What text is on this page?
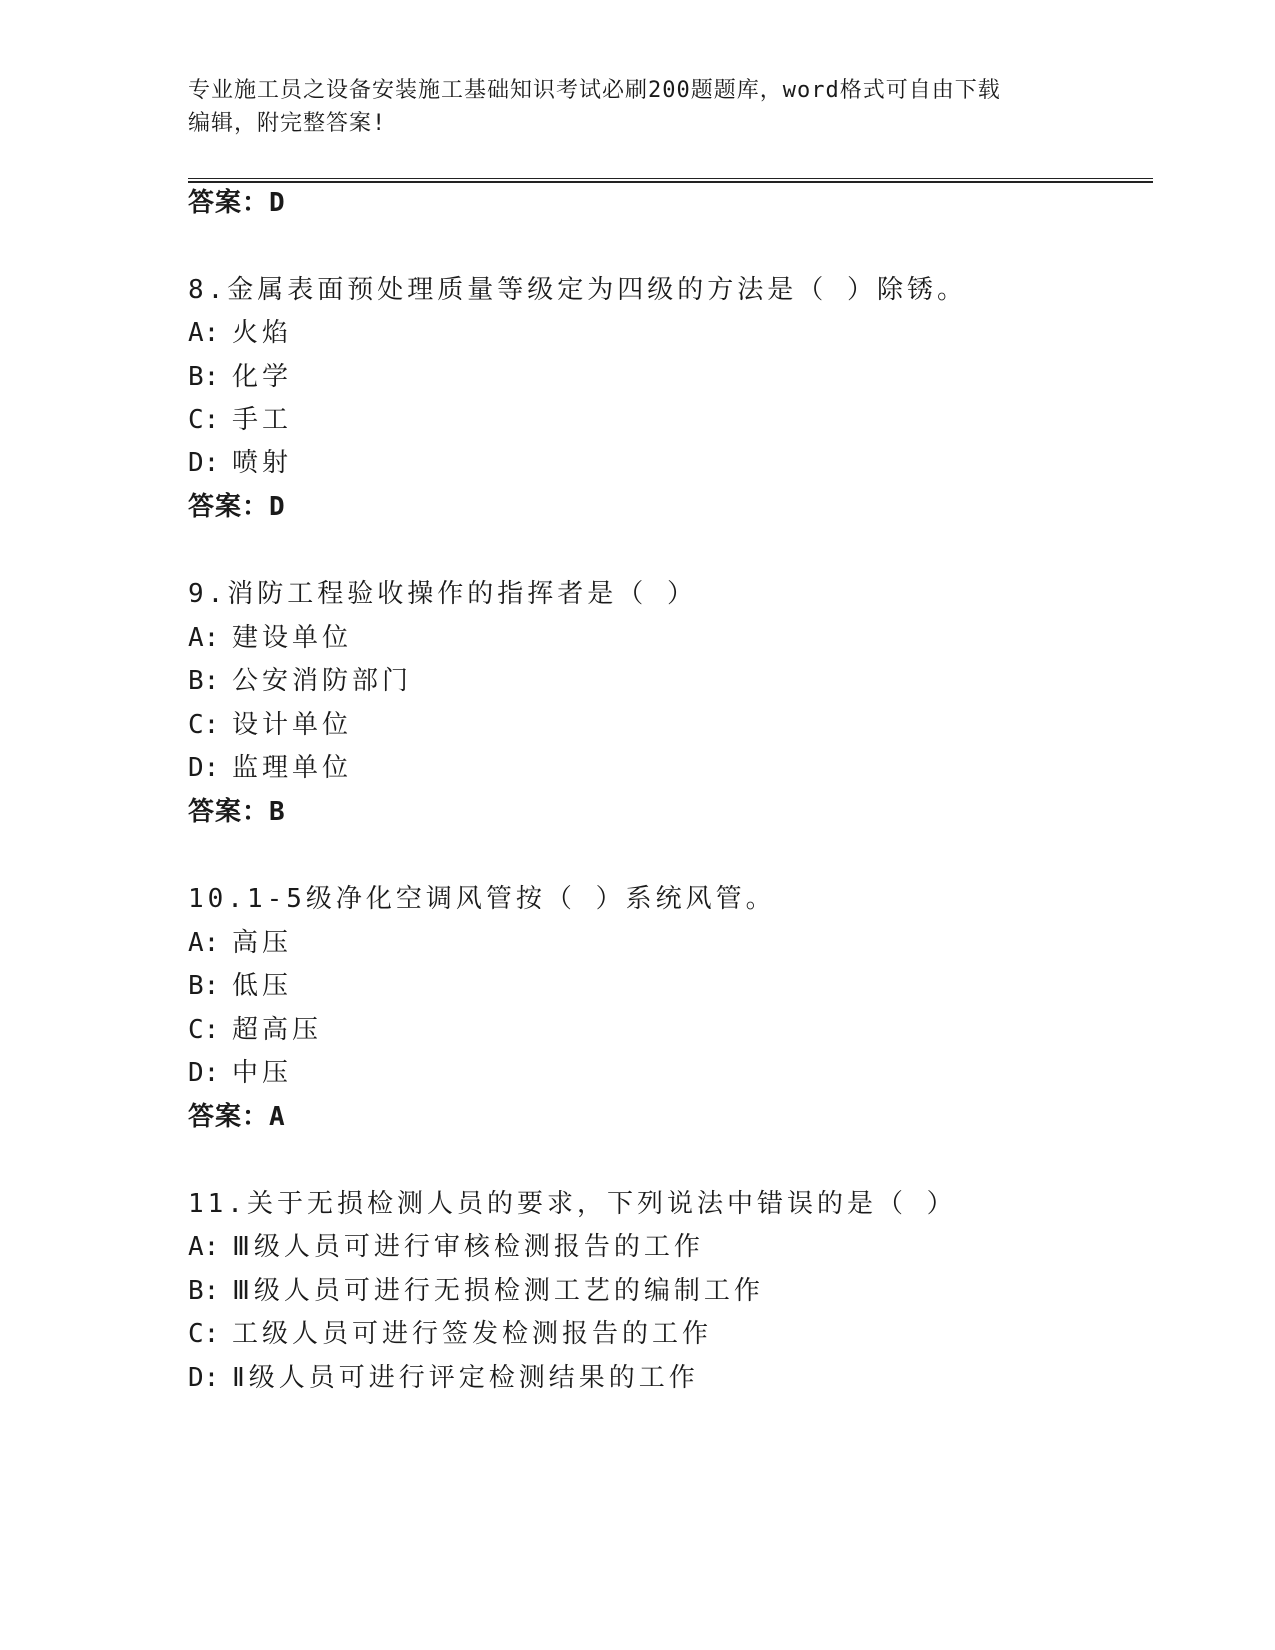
专业施工员之设备安装施工基础知识考试必刷200题题库，word格式可自由下载
编辑，附完整答案!
答案：D
8.金属表面预处理质量等级定为四级的方法是（ ）除锈。
A: 火焰
B: 化学
C: 手工
D: 喷射
答案：D
9.消防工程验收操作的指挥者是（ ）
A: 建设单位
B: 公安消防部门
C: 设计单位
D: 监理单位
答案：B
10.1-5级净化空调风管按（ ）系统风管。
A: 高压
B: 低压
C: 超高压
D: 中压
答案：A
11.关于无损检测人员的要求，下列说法中错误的是（ ）
A: Ⅲ级人员可进行审核检测报告的工作
B: Ⅲ级人员可进行无损检测工艺的编制工作
C: 工级人员可进行签发检测报告的工作
D: Ⅱ级人员可进行评定检测结果的工作
